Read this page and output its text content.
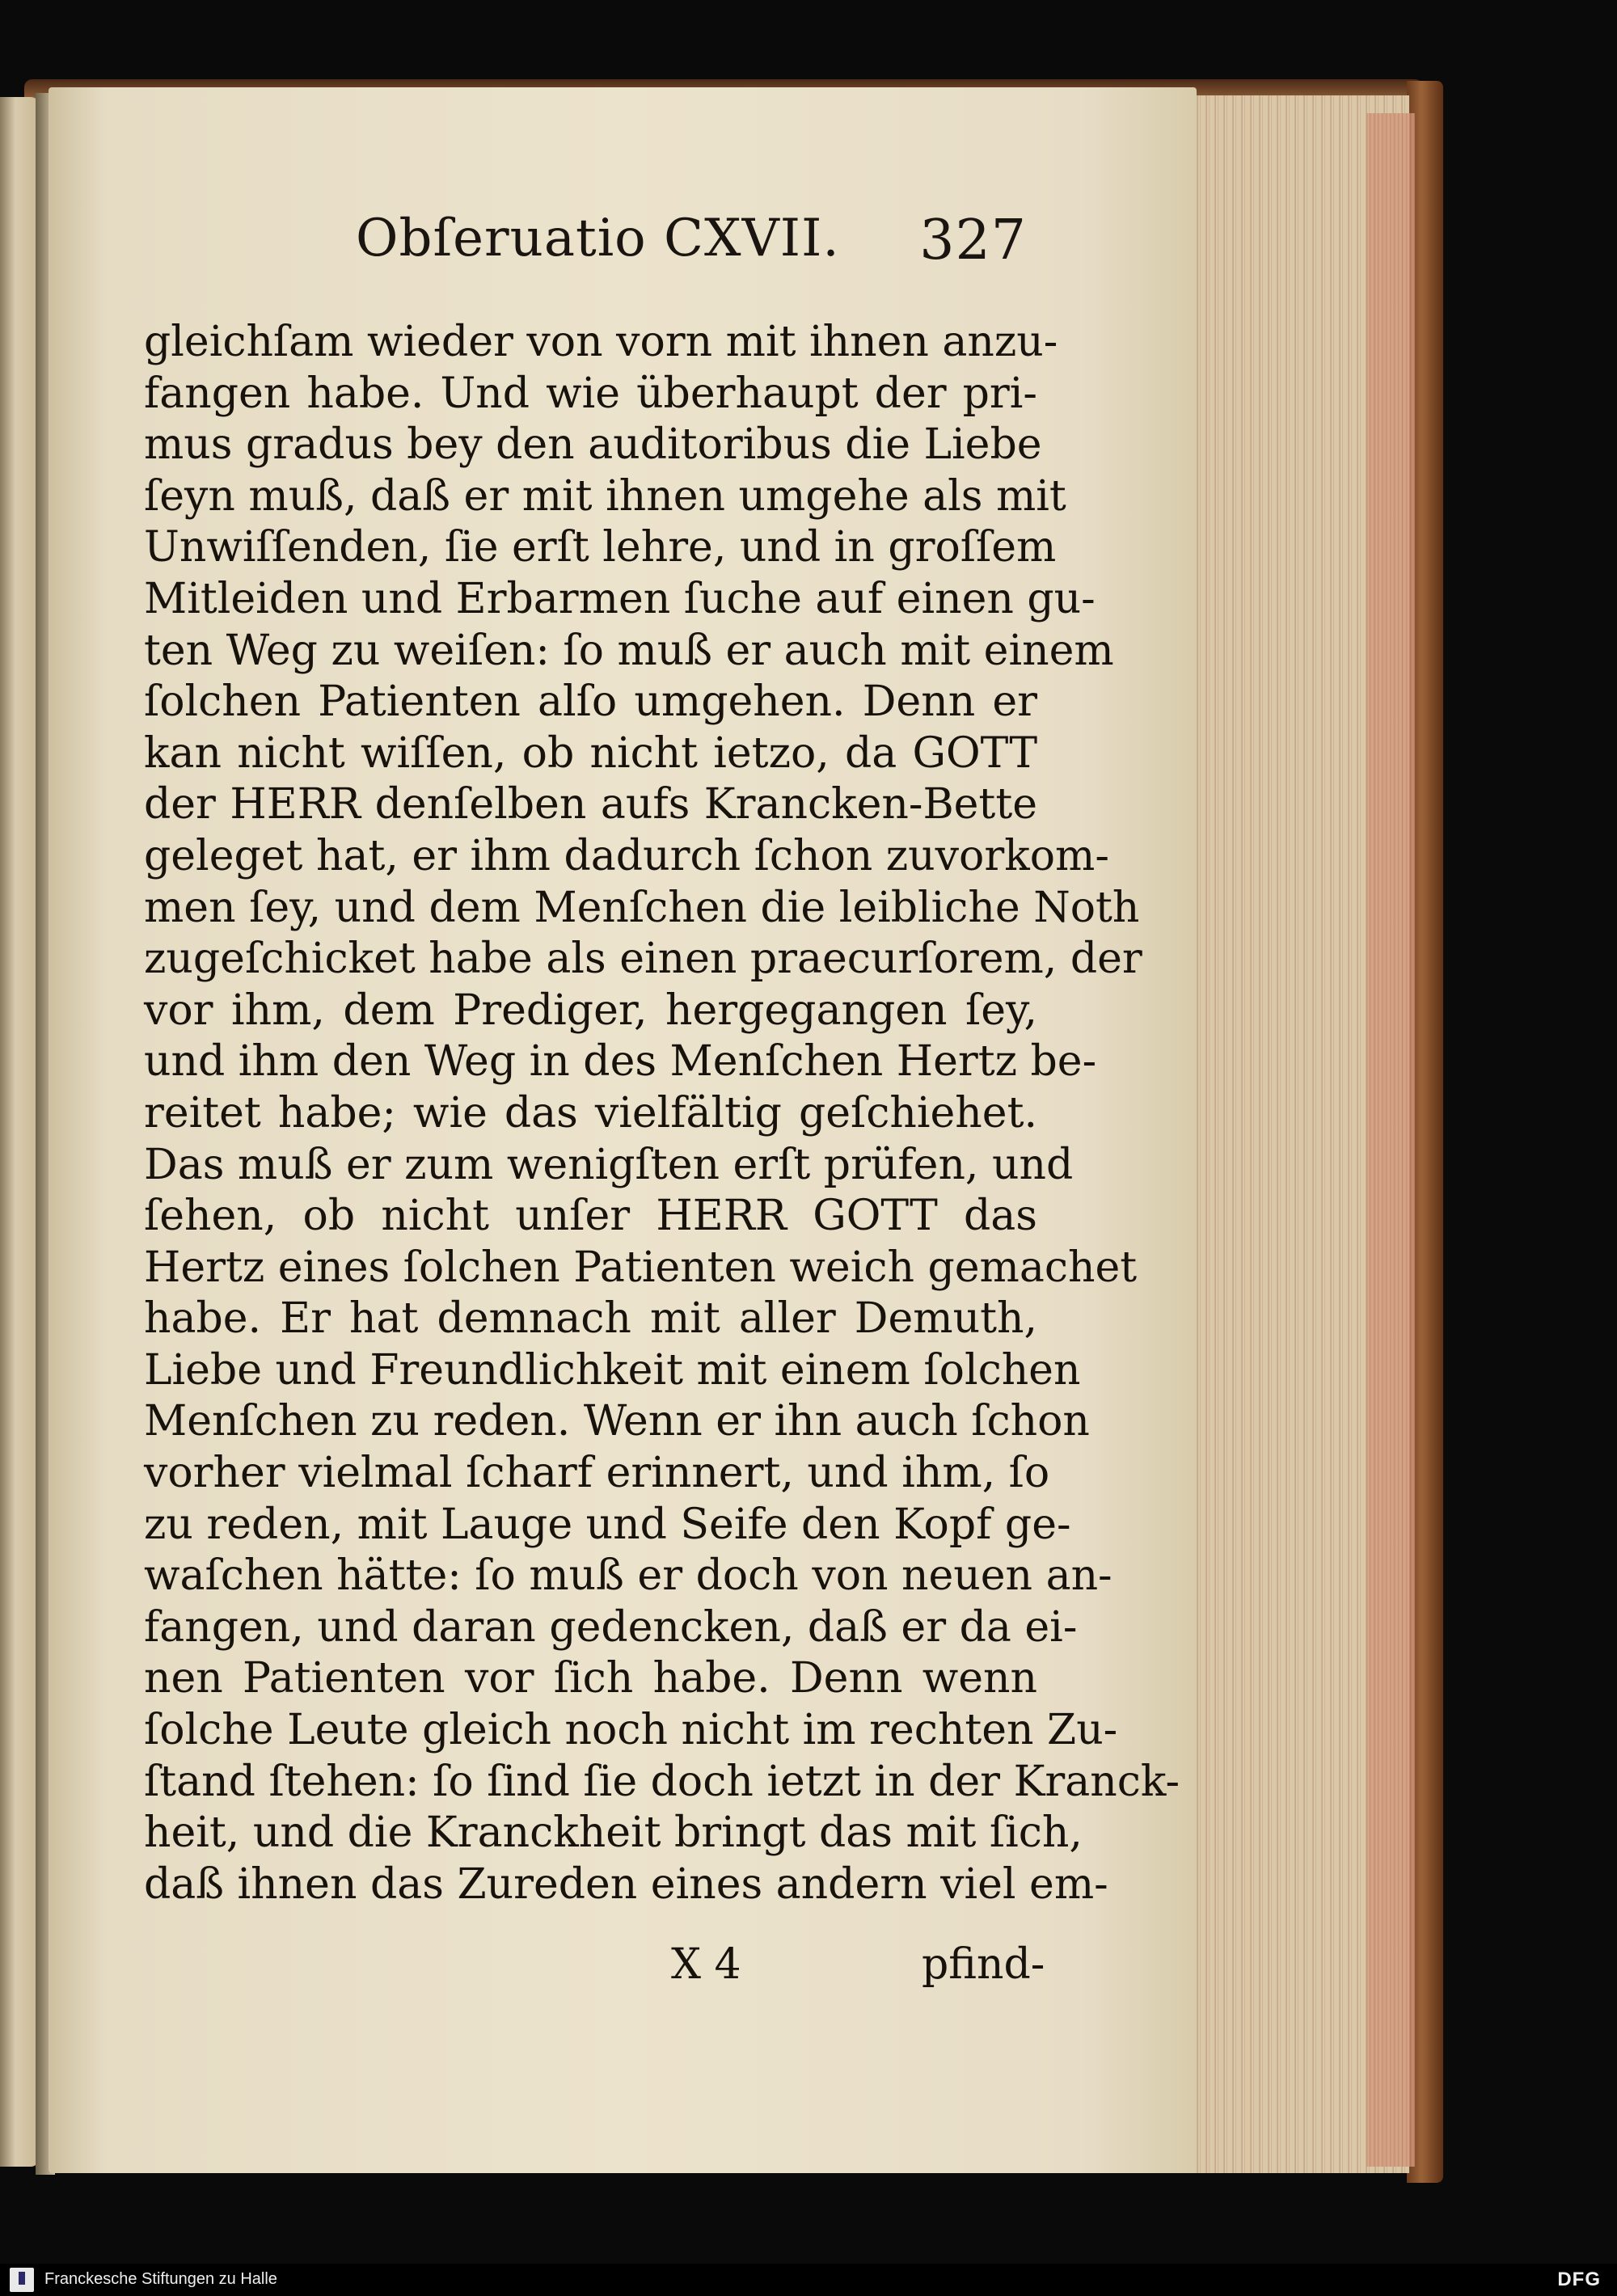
Obſeruatio CXVII. 327
gleichſam wieder von vorn mit ihnen anzu-
fangen habe. Und wie überhaupt der pri-
mus gradus bey den auditoribus die Liebe
ſeyn muß, daß er mit ihnen umgehe als mit
Unwiſſenden, ſie erſt lehre, und in groſſem
Mitleiden und Erbarmen ſuche auf einen gu-
ten Weg zu weiſen: ſo muß er auch mit einem
ſolchen Patienten alſo umgehen. Denn er
kan nicht wiſſen, ob nicht ietzo, da GOTT
der HERR denſelben aufs Krancken-Bette
geleget hat, er ihm dadurch ſchon zuvorkom-
men ſey, und dem Menſchen die leibliche Noth
zugeſchicket habe als einen praecurſorem, der
vor ihm, dem Prediger, hergegangen ſey,
und ihm den Weg in des Menſchen Hertz be-
reitet habe; wie das vielfältig geſchiehet.
Das muß er zum wenigſten erſt prüfen, und
ſehen, ob nicht unſer HERR GOTT das
Hertz eines ſolchen Patienten weich gemachet
habe. Er hat demnach mit aller Demuth,
Liebe und Freundlichkeit mit einem ſolchen
Menſchen zu reden. Wenn er ihn auch ſchon
vorher vielmal ſcharf erinnert, und ihm, ſo
zu reden, mit Lauge und Seife den Kopf ge-
waſchen hätte: ſo muß er doch von neuen an-
fangen, und daran gedencken, daß er da ei-
nen Patienten vor ſich habe. Denn wenn
ſolche Leute gleich noch nicht im rechten Zu-
ſtand ſtehen: ſo ſind ſie doch ietzt in der Kranck-
heit, und die Kranckheit bringt das mit ſich,
daß ihnen das Zureden eines andern viel em-
X 4	pfind-
Franckesche Stiftungen zu Halle	DFG
